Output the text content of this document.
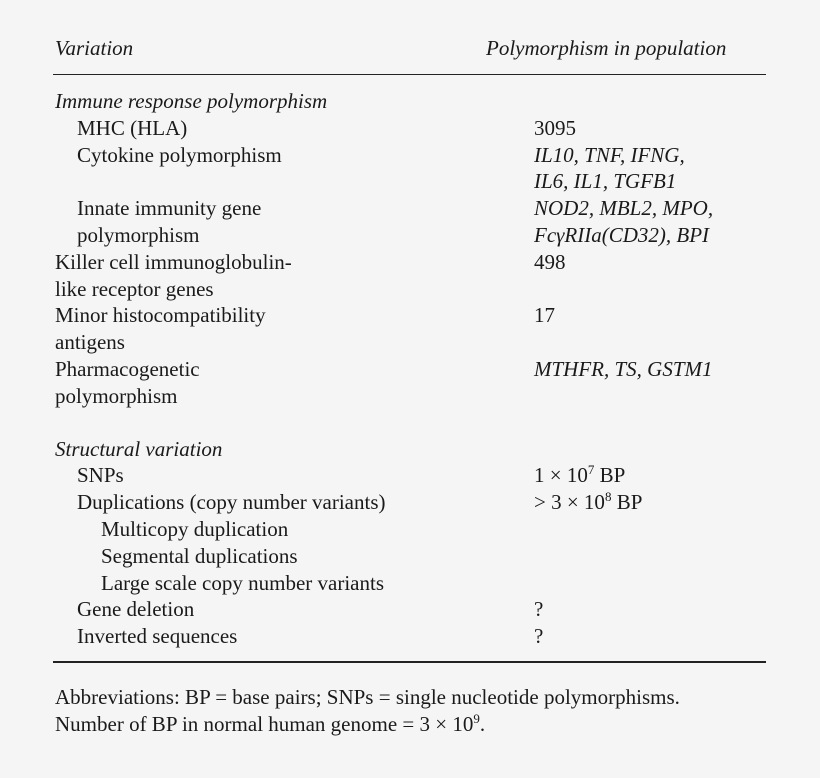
Variation	Polymorphism in population
Immune response polymorphism	
MHC (HLA)	3095
Cytokine polymorphism	IL10, TNF, IFNG,
IL6, IL1, TGFB1

Innate immunity gene
polymorphism	NOD2, MBL2, MPO,
FcγRIIa(CD32), BPI

Killer cell immunoglobulin-
like receptor genes	498

Minor histocompatibility
antigens	17

Pharmacogenetic
polymorphism	MTHFR, TS, GSTM1

Structural variation	
SNPs	$1 \times 10^7$ BP
Duplications (copy number variants)	> $3 \times 10^8$ BP
Multicopy duplication	
Segmental duplications	
Large scale copy number variants	
Gene deletion	?
Inverted sequences	?
Abbreviations: BP = base pairs; SNPs = single nucleotide polymorphisms.
Number of BP in normal human genome = $3 \times 10^9$.
